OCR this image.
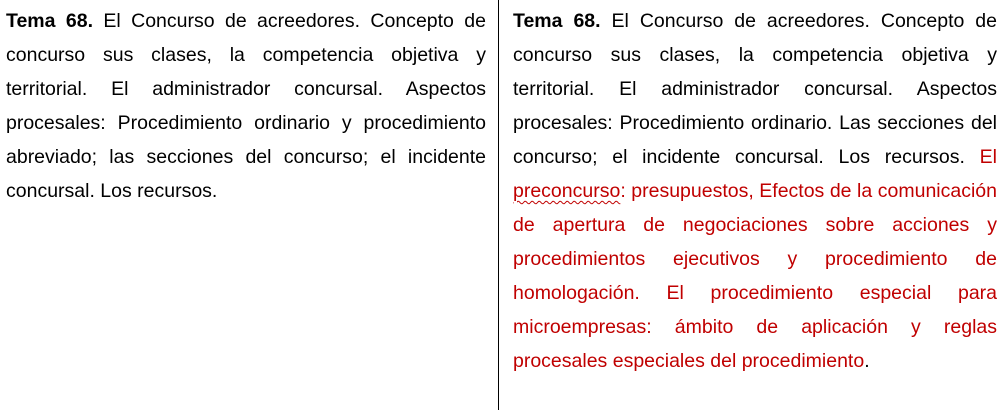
Tema 68. El Concurso de acreedores. Concepto de concurso sus clases, la competencia objetiva y territorial. El administrador concursal. Aspectos procesales: Procedimiento ordinario y procedimiento abreviado; las secciones del concurso; el incidente concursal. Los recursos.
Tema 68. El Concurso de acreedores. Concepto de concurso sus clases, la competencia objetiva y territorial. El administrador concursal. Aspectos procesales: Procedimiento ordinario. Las secciones del concurso; el incidente concursal. Los recursos. El preconcurso: presupuestos, Efectos de la comunicación de apertura de negociaciones sobre acciones y procedimientos ejecutivos y procedimiento de homologación. El procedimiento especial para microempresas: ámbito de aplicación y reglas procesales especiales del procedimiento.
